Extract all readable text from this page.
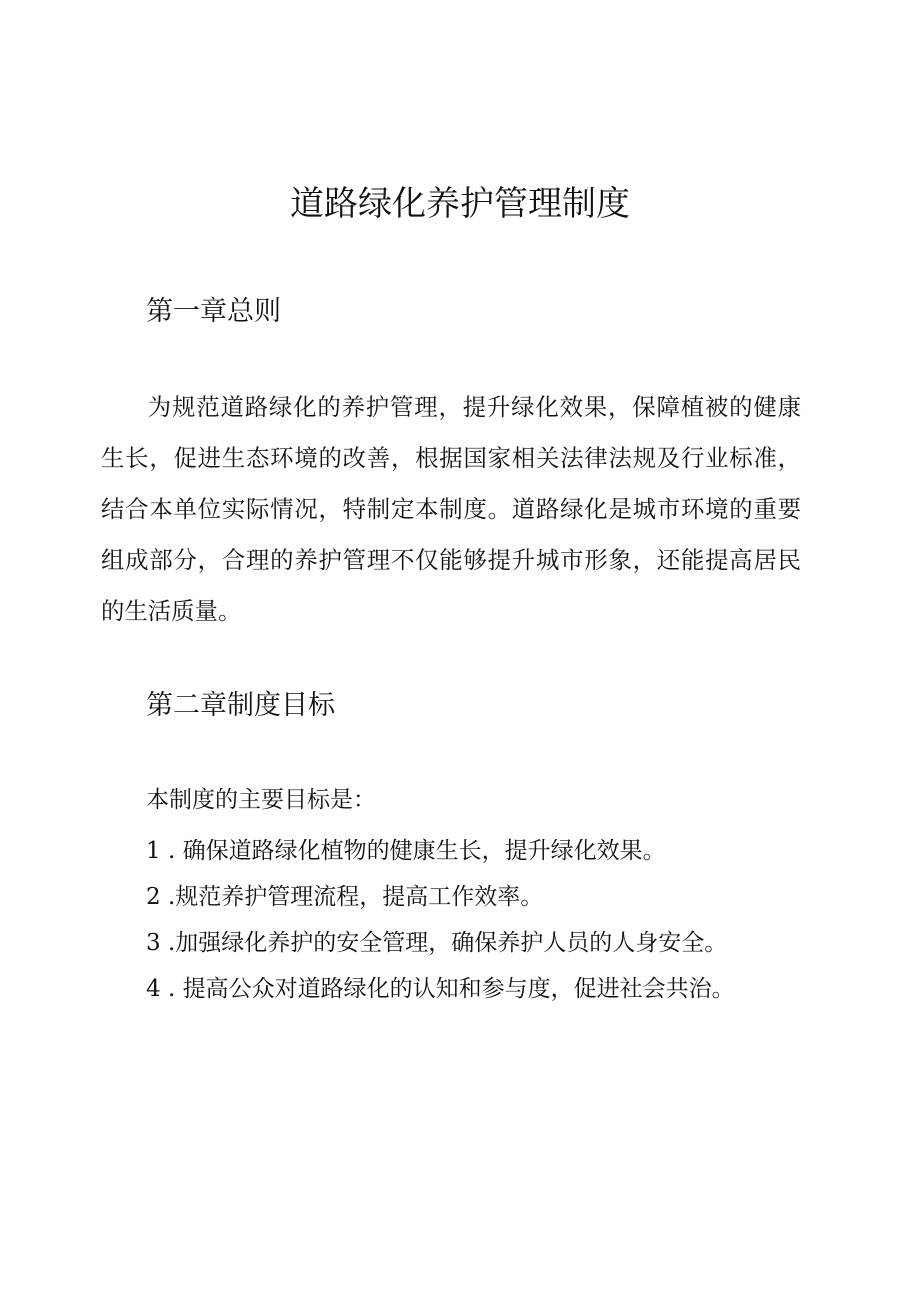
道路绿化养护管理制度
第一章总则

为规范道路绿化的养护管理，提升绿化效果，保障植被的健康生长，促进生态环境的改善，根据国家相关法律法规及行业标准，结合本单位实际情况，特制定本制度。道路绿化是城市环境的重要组成部分，合理的养护管理不仅能够提升城市形象，还能提高居民的生活质量。

第二章制度目标

本制度的主要目标是：

1 . 确保道路绿化植物的健康生长，提升绿化效果。
2 .规范养护管理流程，提高工作效率。
3 .加强绿化养护的安全管理，确保养护人员的人身安全。
4 . 提高公众对道路绿化的认知和参与度，促进社会共治。
